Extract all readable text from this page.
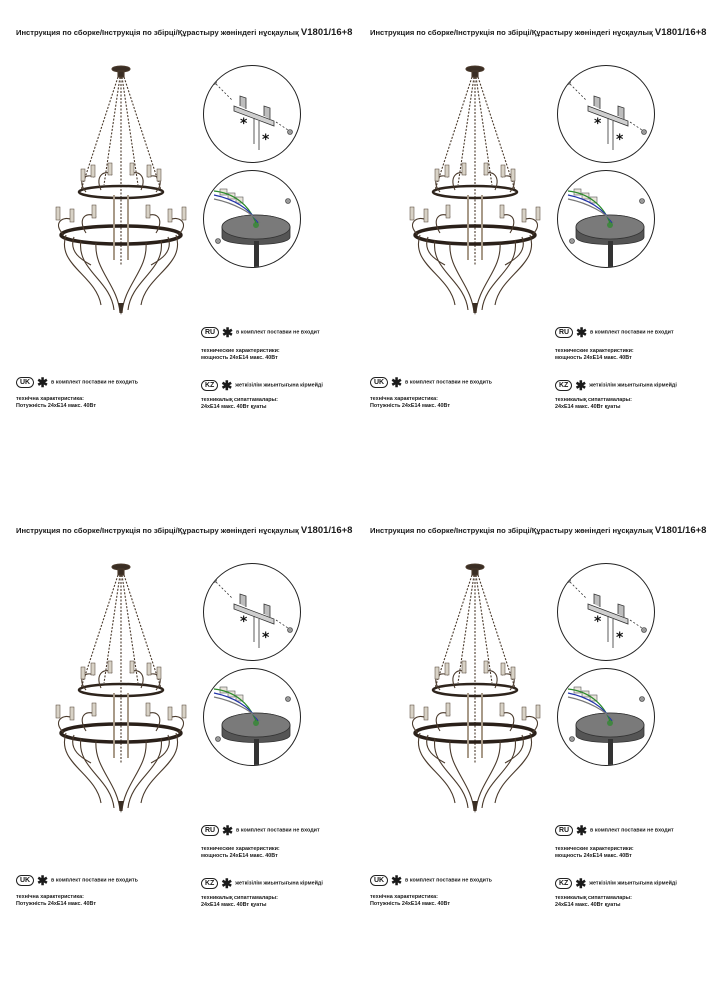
Инструкция по сборке/Інструкція по збірці/Құрастыру жөніндегі нұсқаулық V1801/16+8
*
*
RU ✱ в комплект поставки не входит
технические характеристики:
мощность 24хЕ14 макс. 40Вт
UK ✱ в комплект поставки не входить
технічна характеристика:
Потужність 24хЕ14 макс. 40Вт
KZ ✱ жеткізілім жиынтығына кірмейді
техникалық сипаттамалары:
24хЕ14 макс. 40Вт қуаты
Инструкция по сборке/Інструкція по збірці/Құрастыру жөніндегі нұсқаулық V1801/16+8
*
*
RU ✱ в комплект поставки не входит
технические характеристики:
мощность 24хЕ14 макс. 40Вт
UK ✱ в комплект поставки не входить
технічна характеристика:
Потужність 24хЕ14 макс. 40Вт
KZ ✱ жеткізілім жиынтығына кірмейді
техникалық сипаттамалары:
24хЕ14 макс. 40Вт қуаты
Инструкция по сборке/Інструкція по збірці/Құрастыру жөніндегі нұсқаулық V1801/16+8
*
*
RU ✱ в комплект поставки не входит
технические характеристики:
мощность 24хЕ14 макс. 40Вт
UK ✱ в комплект поставки не входить
технічна характеристика:
Потужність 24хЕ14 макс. 40Вт
KZ ✱ жеткізілім жиынтығына кірмейді
техникалық сипаттамалары:
24хЕ14 макс. 40Вт қуаты
Инструкция по сборке/Інструкція по збірці/Құрастыру жөніндегі нұсқаулық V1801/16+8
*
*
RU ✱ в комплект поставки не входит
технические характеристики:
мощность 24хЕ14 макс. 40Вт
UK ✱ в комплект поставки не входить
технічна характеристика:
Потужність 24хЕ14 макс. 40Вт
KZ ✱ жеткізілім жиынтығына кірмейді
техникалық сипаттамалары:
24хЕ14 макс. 40Вт қуаты
